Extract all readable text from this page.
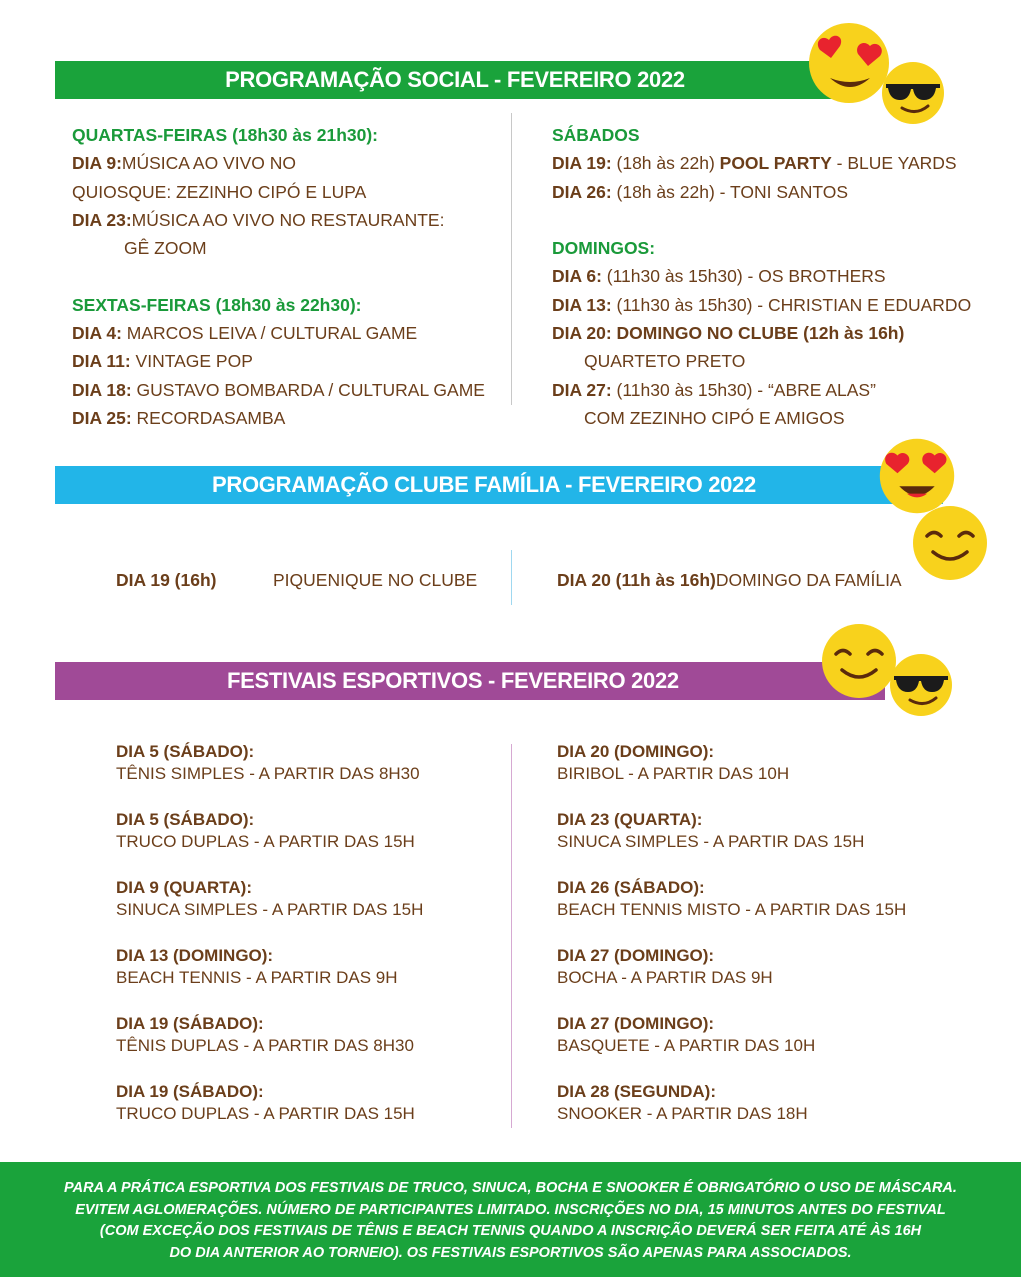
PROGRAMAÇÃO SOCIAL - FEVEREIRO 2022
QUARTAS-FEIRAS (18h30 às 21h30):
DIA 9:MÚSICA AO VIVO NO
QUIOSQUE: ZEZINHO CIPÓ E LUPA
DIA 23:MÚSICA AO VIVO NO RESTAURANTE:
GÊ ZOOM
SEXTAS-FEIRAS (18h30 às 22h30):
DIA 4: MARCOS LEIVA / CULTURAL GAME
DIA 11: VINTAGE POP
DIA 18: GUSTAVO BOMBARDA / CULTURAL GAME
DIA 25: RECORDASAMBA
SÁBADOS
DIA 19: (18h às 22h) POOL PARTY - BLUE YARDS
DIA 26: (18h às 22h) - TONI SANTOS
DOMINGOS:
DIA 6: (11h30 às 15h30) - OS BROTHERS
DIA 13: (11h30 às 15h30) - CHRISTIAN E EDUARDO
DIA 20: DOMINGO NO CLUBE (12h às 16h)
QUARTETO PRETO
DIA 27: (11h30 às 15h30) - “ABRE ALAS”
COM ZEZINHO CIPÓ E AMIGOS
PROGRAMAÇÃO CLUBE FAMÍLIA - FEVEREIRO 2022
DIA 19 (16h)	PIQUENIQUE NO CLUBE	DIA 20 (11h às 16h)DOMINGO DA FAMÍLIA
FESTIVAIS ESPORTIVOS - FEVEREIRO 2022
DIA 5 (SÁBADO):
TÊNIS SIMPLES - A PARTIR DAS 8H30
DIA 5 (SÁBADO):
TRUCO DUPLAS - A PARTIR DAS 15H
DIA 9 (QUARTA):
SINUCA SIMPLES - A PARTIR DAS 15H
DIA 13 (DOMINGO):
BEACH TENNIS - A PARTIR DAS 9H
DIA 19 (SÁBADO):
TÊNIS DUPLAS - A PARTIR DAS 8H30
DIA 19 (SÁBADO):
TRUCO DUPLAS - A PARTIR DAS 15H
DIA 20 (DOMINGO):
BIRIBOL - A PARTIR DAS 10H
DIA 23 (QUARTA):
SINUCA SIMPLES - A PARTIR DAS 15H
DIA 26 (SÁBADO):
BEACH TENNIS MISTO - A PARTIR DAS 15H
DIA 27 (DOMINGO):
BOCHA - A PARTIR DAS 9H
DIA 27 (DOMINGO):
BASQUETE - A PARTIR DAS 10H
DIA 28 (SEGUNDA):
SNOOKER - A PARTIR DAS 18H
PARA A PRÁTICA ESPORTIVA DOS FESTIVAIS DE TRUCO, SINUCA, BOCHA E SNOOKER É OBRIGATÓRIO O USO DE MÁSCARA.
EVITEM AGLOMERAÇÕES. NÚMERO DE PARTICIPANTES LIMITADO. INSCRIÇÕES NO DIA, 15 MINUTOS ANTES DO FESTIVAL
(COM EXCEÇÃO DOS FESTIVAIS DE TÊNIS E BEACH TENNIS QUANDO A INSCRIÇÃO DEVERÁ SER FEITA ATÉ ÀS 16H
DO DIA ANTERIOR AO TORNEIO). OS FESTIVAIS ESPORTIVOS SÃO APENAS PARA ASSOCIADOS.
